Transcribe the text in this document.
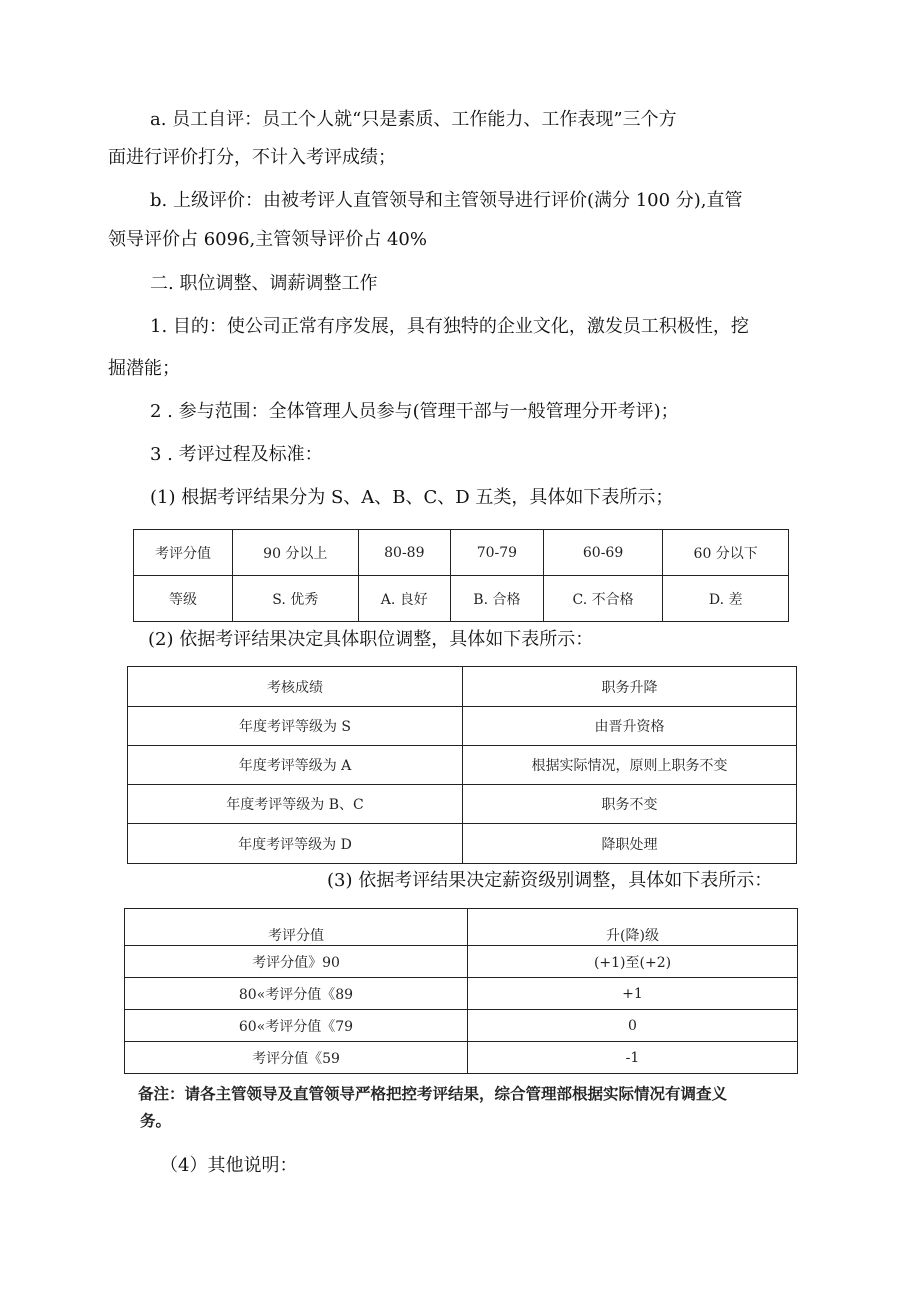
a. 员工自评：员工个人就“只是素质、工作能力、工作表现”三个方
面进行评价打分，不计入考评成绩；
b. 上级评价：由被考评人直管领导和主管领导进行评价(满分 100 分),直管
领导评价占 6096,主管领导评价占 40%
二. 职位调整、调薪调整工作
1. 目的：使公司正常有序发展，具有独特的企业文化，激发员工积极性，挖
掘潜能；
2 . 参与范围：全体管理人员参与(管理干部与一般管理分开考评)；
3 . 考评过程及标准：
(1) 根据考评结果分为 S、A、B、C、D 五类，具体如下表所示；
考评分值	90 分以上	80-89	70-79	60-69	60 分以下
等级	S. 优秀	A. 良好	B. 合格	C. 不合格	D. 差
(2) 依据考评结果决定具体职位调整，具体如下表所示：
考核成绩	职务升降
年度考评等级为 S	由晋升资格
年度考评等级为 A	根据实际情况，原则上职务不变
年度考评等级为 B、C	职务不变
年度考评等级为 D	降职处理
(3) 依据考评结果决定薪资级别调整，具体如下表所示：
考评分值	升(降)级
考评分值》90	(+1)至(+2)
80«考评分值《89	+1
60«考评分值《79	0
考评分值《59	-1
备注：请各主管领导及直管领导严格把控考评结果，综合管理部根据实际情况有调查义
务。
（4）其他说明：
